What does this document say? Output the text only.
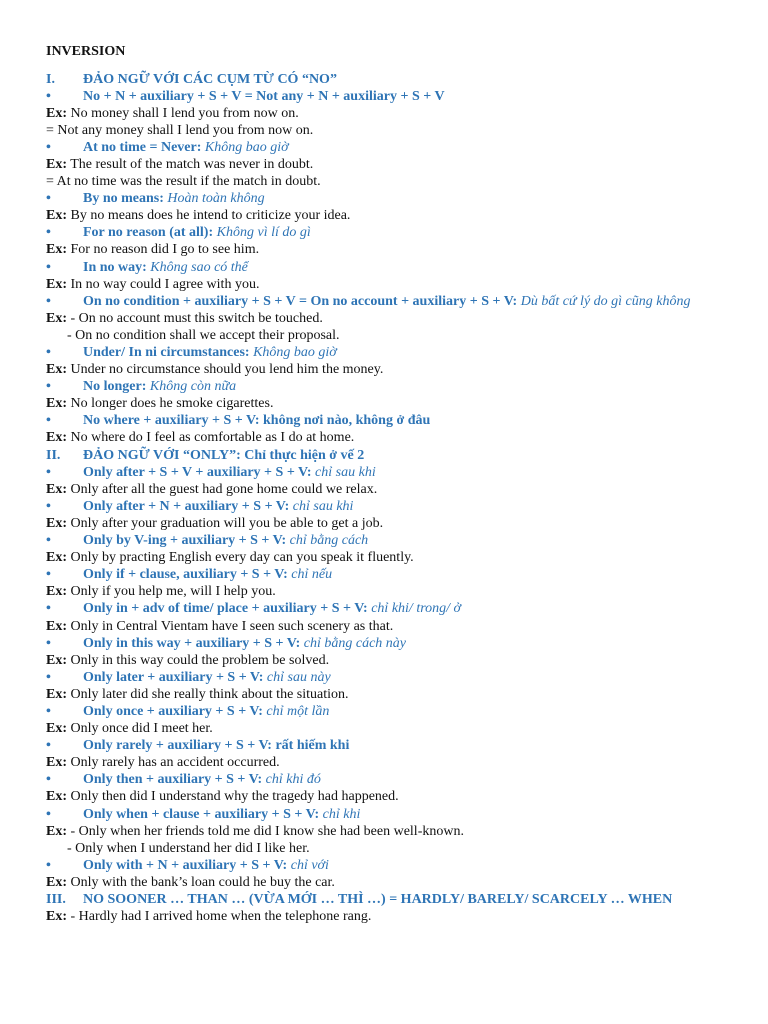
INVERSION
I.	ĐẢO NGỮ VỚI CÁC CỤM TỪ CÓ “NO”
•	No + N + auxiliary + S + V = Not any + N + auxiliary + S + V
Ex: No money shall I lend you from now on.
= Not any money shall I lend you from now on.
•	At no time = Never: Không bao giờ
Ex: The result of the match was never in doubt.
= At no time was the result if the match in doubt.
•	By no means: Hoàn toàn không
Ex: By no means does he intend to criticize your idea.
•	For no reason (at all): Không vì lí do gì
Ex: For no reason did I go to see him.
•	In no way: Không sao có thể
Ex: In no way could I agree with you.
•	On no condition + auxiliary + S + V = On no account + auxiliary + S + V: Dù bất cứ lý do gì cũng không
Ex: - On no account must this switch be touched.
- On no condition shall we accept their proposal.
•	Under/ In ni circumstances: Không bao giờ
Ex: Under no circumstance should you lend him the money.
•	No longer: Không còn nữa
Ex: No longer does he smoke cigarettes.
•	No where + auxiliary + S + V: không nơi nào, không ở đâu
Ex: No where do I feel as comfortable as I do at home.
II.	ĐẢO NGỮ VỚI “ONLY”: Chỉ thực hiện ở vế 2
•	Only after + S + V + auxiliary + S + V: chỉ sau khi
Ex: Only after all the guest had gone home could we relax.
•	Only after + N + auxiliary + S + V: chỉ sau khi
Ex: Only after your graduation will you be able to get a job.
•	Only by V-ing + auxiliary + S + V: chỉ bằng cách
Ex: Only by practing English every day can you speak it fluently.
•	Only if + clause, auxiliary + S + V: chỉ nếu
Ex: Only if you help me, will I help you.
•	Only in + adv of time/ place + auxiliary + S + V: chỉ khi/ trong/ ở
Ex: Only in Central Vientam have I seen such scenery as that.
•	Only in this way + auxiliary + S + V: chỉ bằng cách này
Ex: Only in this way could the problem be solved.
•	Only later + auxiliary + S + V: chỉ sau này
Ex: Only later did she really think about the situation.
•	Only once + auxiliary + S + V: chỉ một lần
Ex: Only once did I meet her.
•	Only rarely + auxiliary + S + V: rất hiếm khi
Ex: Only rarely has an accident occurred.
•	Only then + auxiliary + S + V: chỉ khi đó
Ex: Only then did I understand why the tragedy had happened.
•	Only when + clause + auxiliary + S + V: chỉ khi
Ex: - Only when her friends told me did I know she had been well-known.
- Only when I understand her did I like her.
•	Only with + N + auxiliary + S + V: chỉ với
Ex: Only with the bank’s loan could he buy the car.
III.	NO SOONER … THAN … (VỪA MỚI … THÌ …) = HARDLY/ BARELY/ SCARCELY … WHEN
Ex: - Hardly had I arrived home when the telephone rang.
